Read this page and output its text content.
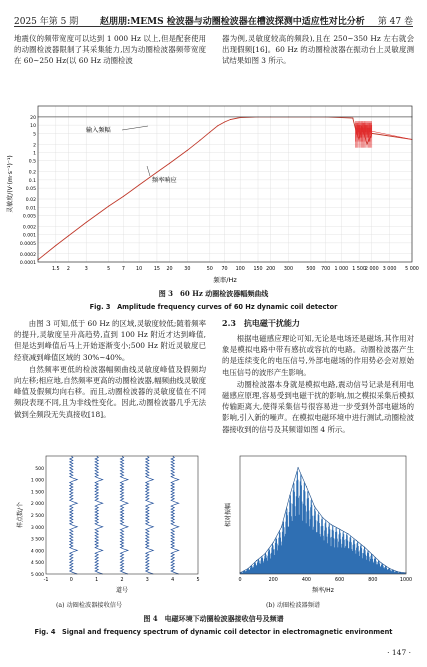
2025 年第 5 期 赵朋朋:MEMS 检波器与动圈检波器在槽波探测中适应性对比分析 第 47 卷

地震仪的频带宽度可以达到 1 000 Hz 以上,但是配套使用的动圈检波器限制了其采集能力,因为动圈检波器频带宽度在 60~250 Hz(以 60 Hz 动圈检波

器为例,灵敏度较高的频段),且在 250~350 Hz 左右就会出现假频[16]。60 Hz 的动圈检波器在振动台上灵敏度测试结果如图 3 所示。

0.0001
0.0002
0.0005
0.001
0.002
0.005
0.01
0.02
0.05
0.1
0.2
0.5
1
2
5
10
20
1.5 2	3	5 7 10 15 20 30	50 70 100 150 200 300	500 700 1 000 1 500
2 000 3 000 5 000
灵敏度/(V·(m·s⁻¹)⁻¹)
频率/Hz
输入频幅
频率响应
图 3　60 Hz 动圈检波器幅频曲线
Fig. 3　Amplitude frequency curves of 60 Hz dynamic coil detector

由图 3 可知,低于 60 Hz 的区域,灵敏度较低;随着频率的提升,灵敏度呈升高趋势,直到 100 Hz 附近才达到峰值,但是达到峰值后马上开始逐渐变小;500 Hz 附近灵敏度已经衰减到峰值区域的 30%~40%。

自然频率更低的检波器幅频曲线灵敏度峰值及假频均向左移;相应地,自然频率更高的动圈检波器,幅频曲线灵敏度峰值及假频均向右移。而且,动圈检波器的灵敏度值在不同频段表现不同,且为非线性变化。因此,动圈检波器几乎无法做到全频段无失真接收[18]。

2.3　抗电磁干扰能力

根据电磁感应理论可知,无论是电场还是磁场,其作用对象是模拟电路中带有感抗或容抗的电路。动圈检波器产生的是连续变化的电压信号,外部电磁场的作用势必会对原始电压信号的波形产生影响。

动圈检波器本身就是模拟电路,震动信号记录是利用电磁感应原理,容易受到电磁干扰的影响,加之模拟采集后模拟传输距离大,使得采集信号很容易进一步受到外部电磁场的影响,引入新的噪声。在模拟电磁环境中进行测试,动圈检波器接收到的信号及其频谱如图 4 所示。

500
1 000
1 500
2 000
2 500
3 000
3 500
4 000
4 500
5 000
-1	0	1	2	3	4	5
样点数/个
道号
(a) 动圈检波器接收信号
0	200	400	600	800	1000
相对振幅
频率/Hz
(b) 动圈检波器频谱
图 4　电磁环境下动圈检波器接收信号及频谱
Fig. 4　Signal and frequency spectrum of dynamic coil detector in electromagnetic environment
· 147 ·
